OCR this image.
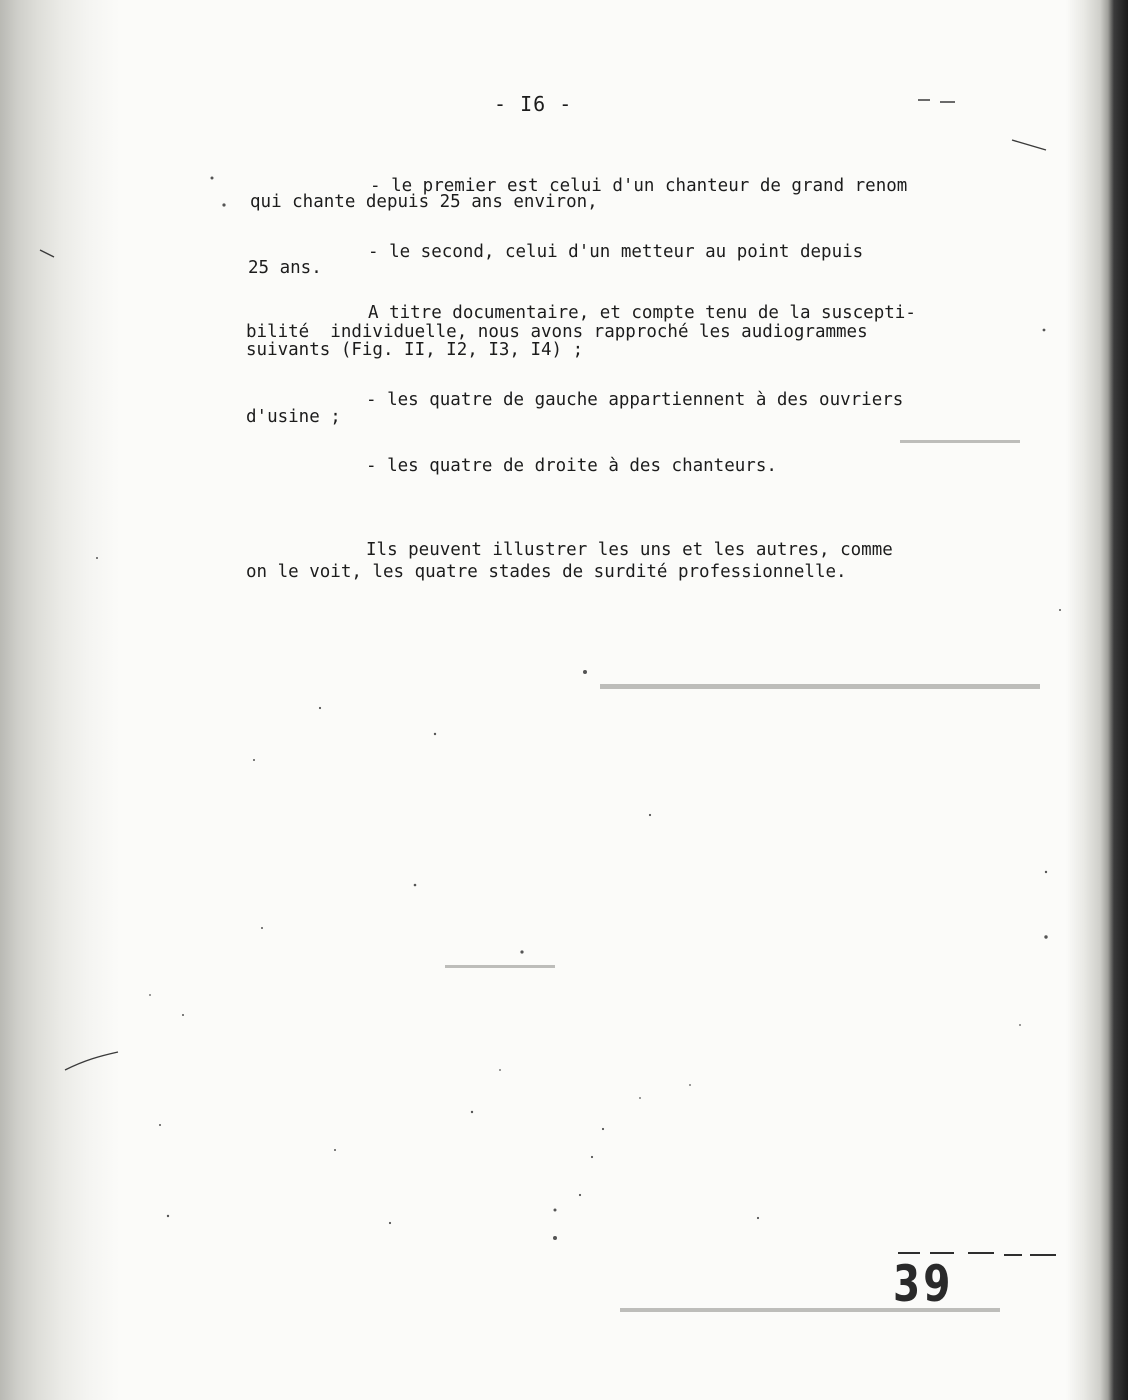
- I6 -

- le premier est celui d'un chanteur de grand renom

qui chante depuis 25 ans environ,

- le second, celui d'un metteur au point depuis

25 ans.

A titre documentaire, et compte tenu de la suscepti-

bilité  individuelle, nous avons rapproché les audiogrammes

suivants (Fig. II, I2, I3, I4) ;

- les quatre de gauche appartiennent à des ouvriers

d'usine ;

- les quatre de droite à des chanteurs.

Ils peuvent illustrer les uns et les autres, comme

on le voit, les quatre stades de surdité professionnelle.

39
